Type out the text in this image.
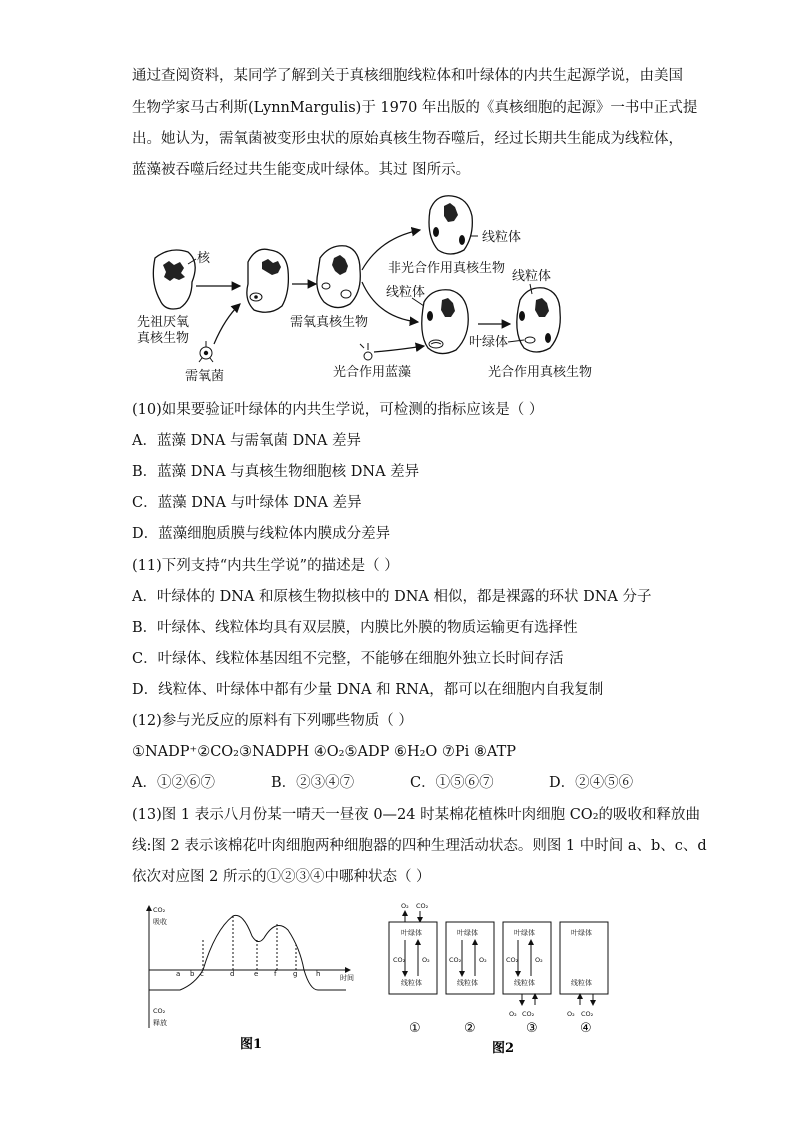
通过查阅资料，某同学了解到关于真核细胞线粒体和叶绿体的内共生起源学说，由美国
生物学家马古利斯(LynnMargulis)于 1970 年出版的《真核细胞的起源》一书中正式提
出。她认为，需氧菌被变形虫状的原始真核生物吞噬后，经过长期共生能成为线粒体，
蓝藻被吞噬后经过共生能变成叶绿体。其过 图所示。
核
先祖厌氧
真核生物
需氧菌
需氧真核生物
线粒体
非光合作用真核生物
线粒体
光合作用蓝藻
线粒体
叶绿体
光合作用真核生物
(10)如果要验证叶绿体的内共生学说，可检测的指标应该是（ ）
A．蓝藻 DNA 与需氧菌 DNA 差异
B．蓝藻 DNA 与真核生物细胞核 DNA 差异
C．蓝藻 DNA 与叶绿体 DNA 差异
D．蓝藻细胞质膜与线粒体内膜成分差异
(11)下列支持“内共生学说”的描述是（ ）
A．叶绿体的 DNA 和原核生物拟核中的 DNA 相似，都是裸露的环状 DNA 分子
B．叶绿体、线粒体均具有双层膜，内膜比外膜的物质运输更有选择性
C．叶绿体、线粒体基因组不完整，不能够在细胞外独立长时间存活
D．线粒体、叶绿体中都有少量 DNA 和 RNA，都可以在细胞内自我复制
(12)参与光反应的原料有下列哪些物质（ ）
①NADP⁺②CO₂③NADPH ④O₂⑤ADP ⑥H₂O ⑦Pi ⑧ATP
A．①②⑥⑦	B．②③④⑦	C．①⑤⑥⑦	D．②④⑤⑥
(13)图 1 表示八月份某一晴天一昼夜 0—24 时某棉花植株叶肉细胞 CO₂的吸收和释放曲
线:图 2 表示该棉花叶肉细胞两种细胞器的四种生理活动状态。则图 1 中时间 a、b、c、d
依次对应图 2 所示的①②③④中哪种状态（ ）
CO₂
吸收
CO₂
释放
时间
a b c	d	e f g	h
图1
O₂ CO₂
叶绿体
线粒体
CO₂	O₂
叶绿体
线粒体
CO₂	O₂
叶绿体
线粒体
CO₂	O₂
O₂ CO₂
叶绿体
线粒体
O₂ CO₂
①	②	③	④
图2
